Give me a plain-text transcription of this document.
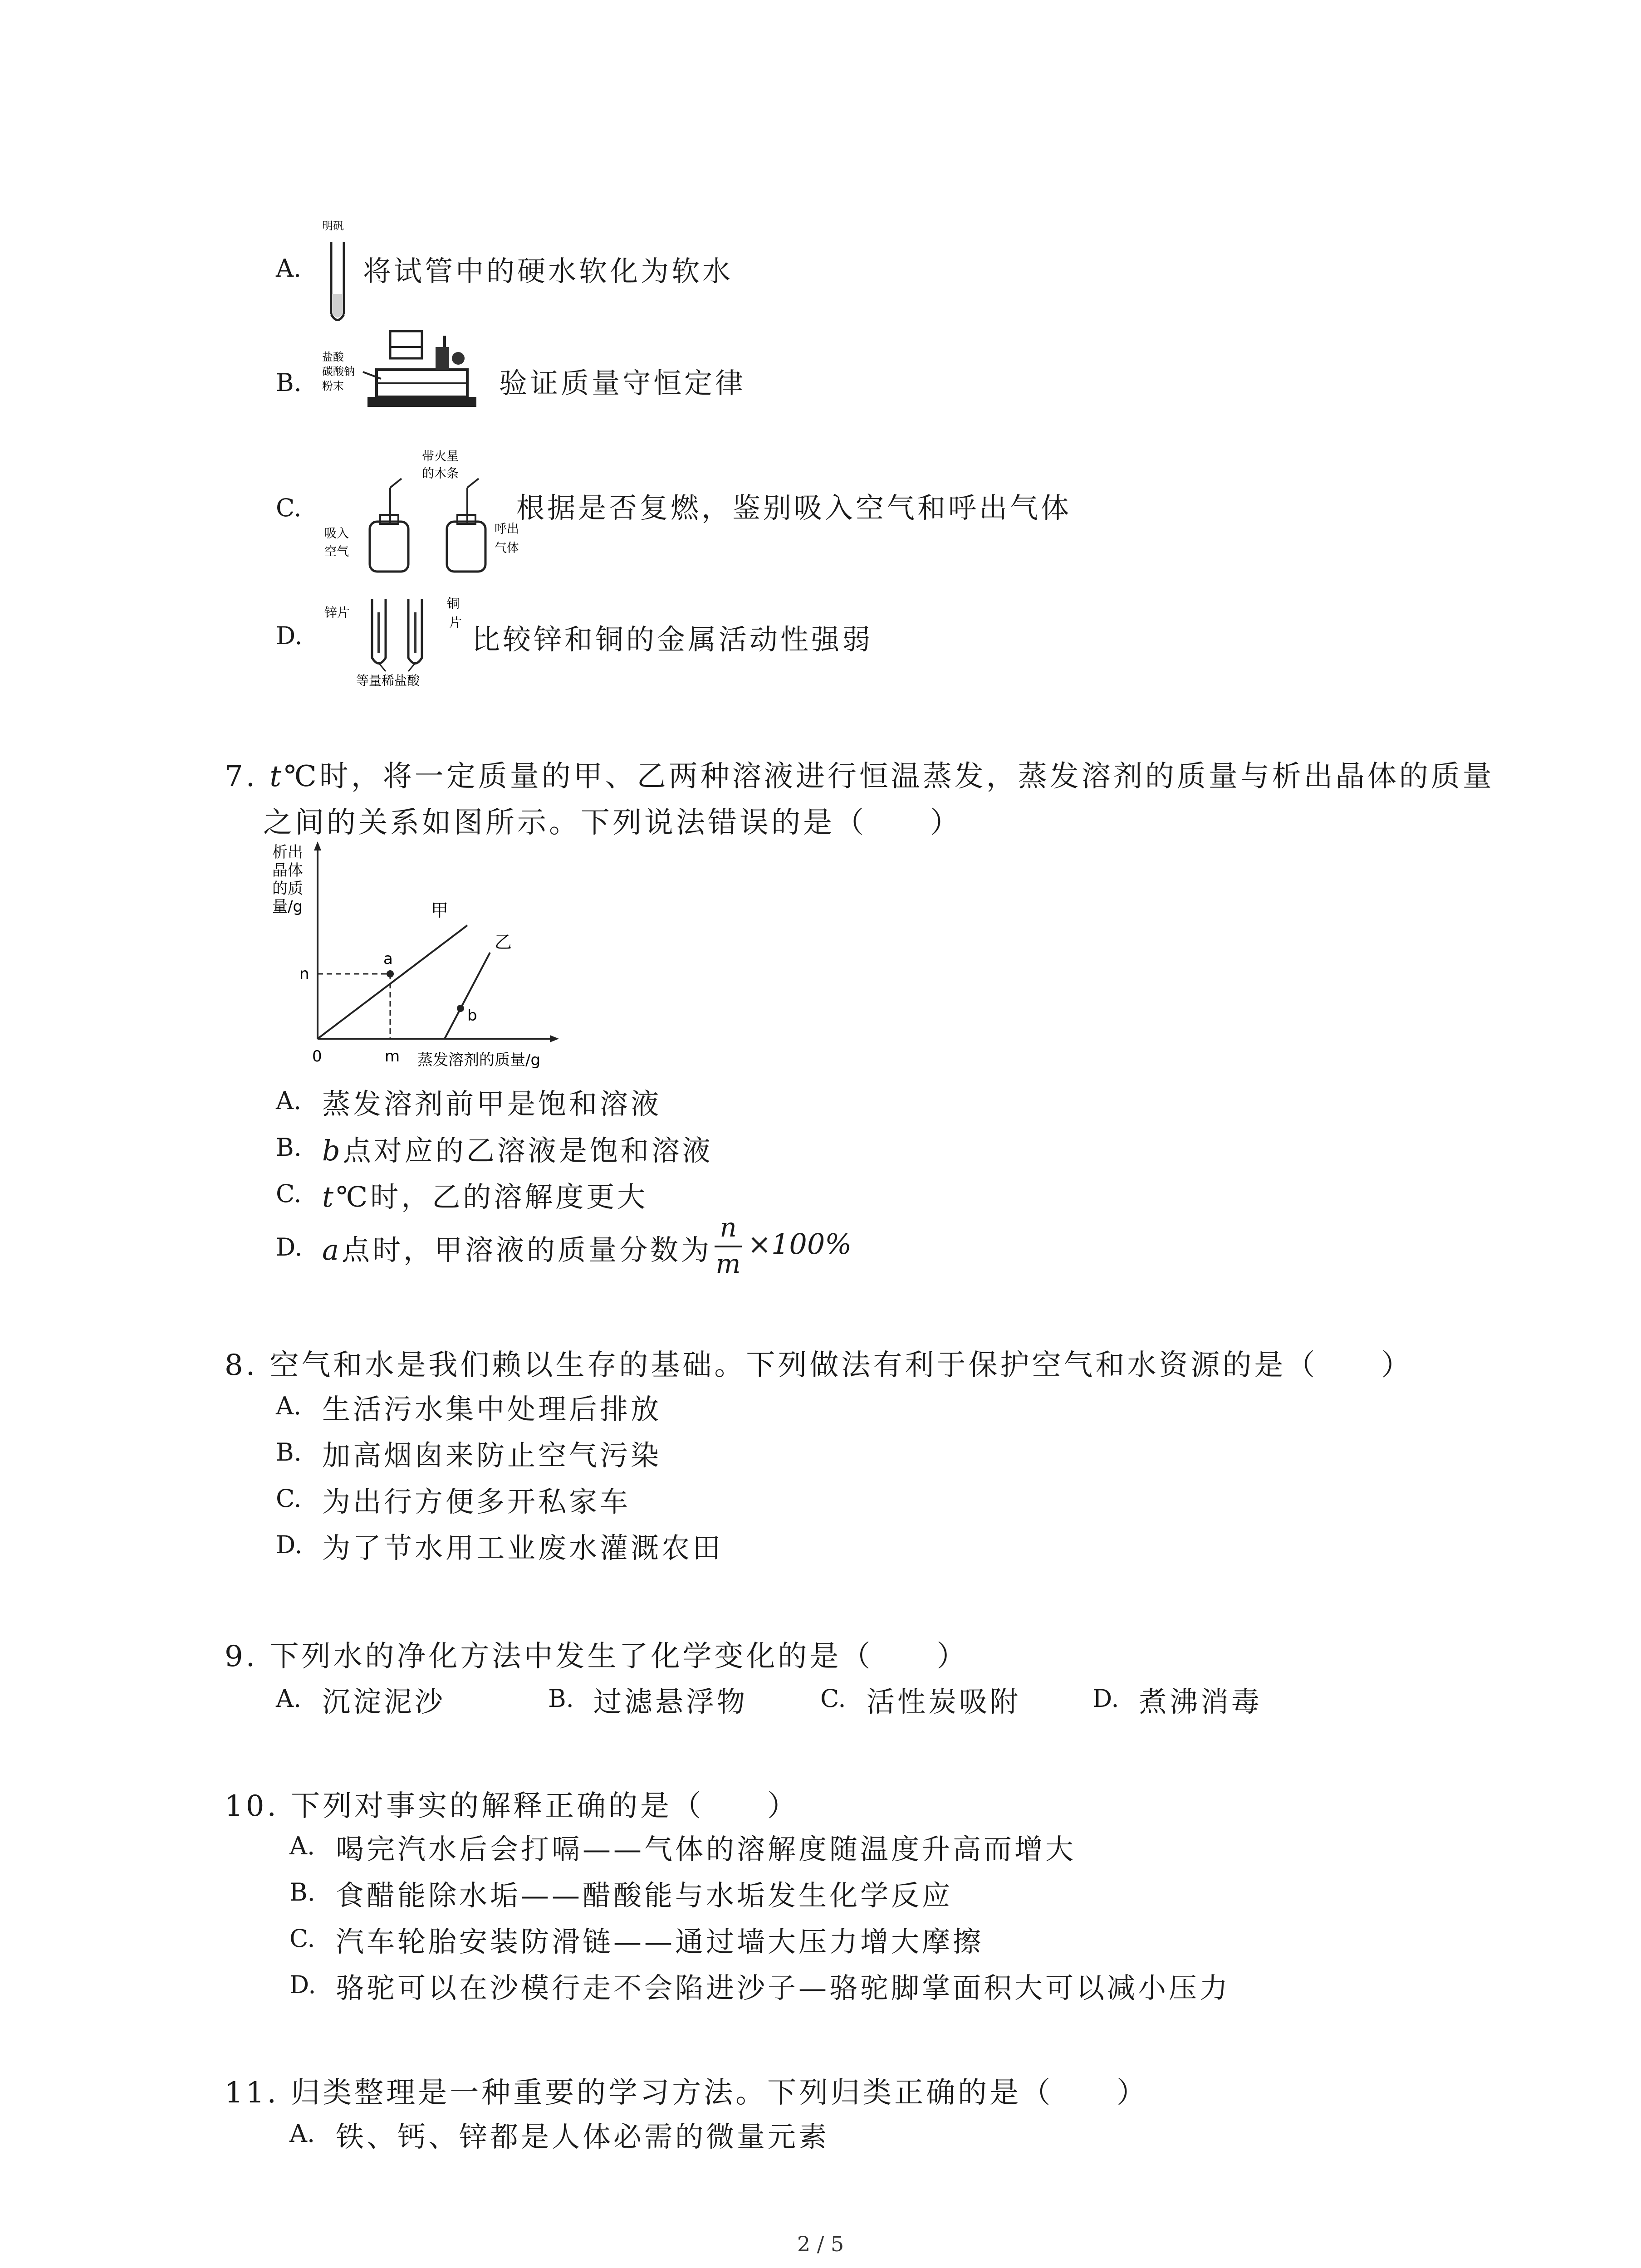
A.
明矾
将试管中的硬水软化为软水
B.
盐酸
碳酸钠
粉末	验证质量守恒定律
C.
带火星
的木条
吸入
空气
呼出
气体
根据是否复燃，鉴别吸入空气和呼出气体
D.
锌片
铜
片
等量稀盐酸
比较锌和铜的金属活动性强弱
7. t℃时，将一定质量的甲、乙两种溶液进行恒温蒸发，蒸发溶剂的质量与析出晶体的质量
之间的关系如图所示。下列说法错误的是（　　）
析出
晶体
的质
量/g
a
b
甲
乙
n
0	m 蒸发溶剂的质量/g
A. 蒸发溶剂前甲是饱和溶液
B. b点对应的乙溶液是饱和溶液
C. t℃时，乙的溶解度更大
D. a点时，甲溶液的质量分数为
n
m
×100%
8. 空气和水是我们赖以生存的基础。下列做法有利于保护空气和水资源的是（　　）
A. 生活污水集中处理后排放
B. 加高烟囱来防止空气污染
C. 为出行方便多开私家车
D. 为了节水用工业废水灌溉农田
9. 下列水的净化方法中发生了化学变化的是（　　）
A. 沉淀泥沙	B. 过滤悬浮物	C. 活性炭吸附	D. 煮沸消毒
10. 下列对事实的解释正确的是（　　）
A. 喝完汽水后会打嗝——气体的溶解度随温度升高而增大
B. 食醋能除水垢——醋酸能与水垢发生化学反应
C. 汽车轮胎安装防滑链——通过墙大压力增大摩擦
D. 骆驼可以在沙模行走不会陷进沙子—骆驼脚掌面积大可以减小压力
11. 归类整理是一种重要的学习方法。下列归类正确的是（　　）
A. 铁、钙、锌都是人体必需的微量元素
2 / 5
